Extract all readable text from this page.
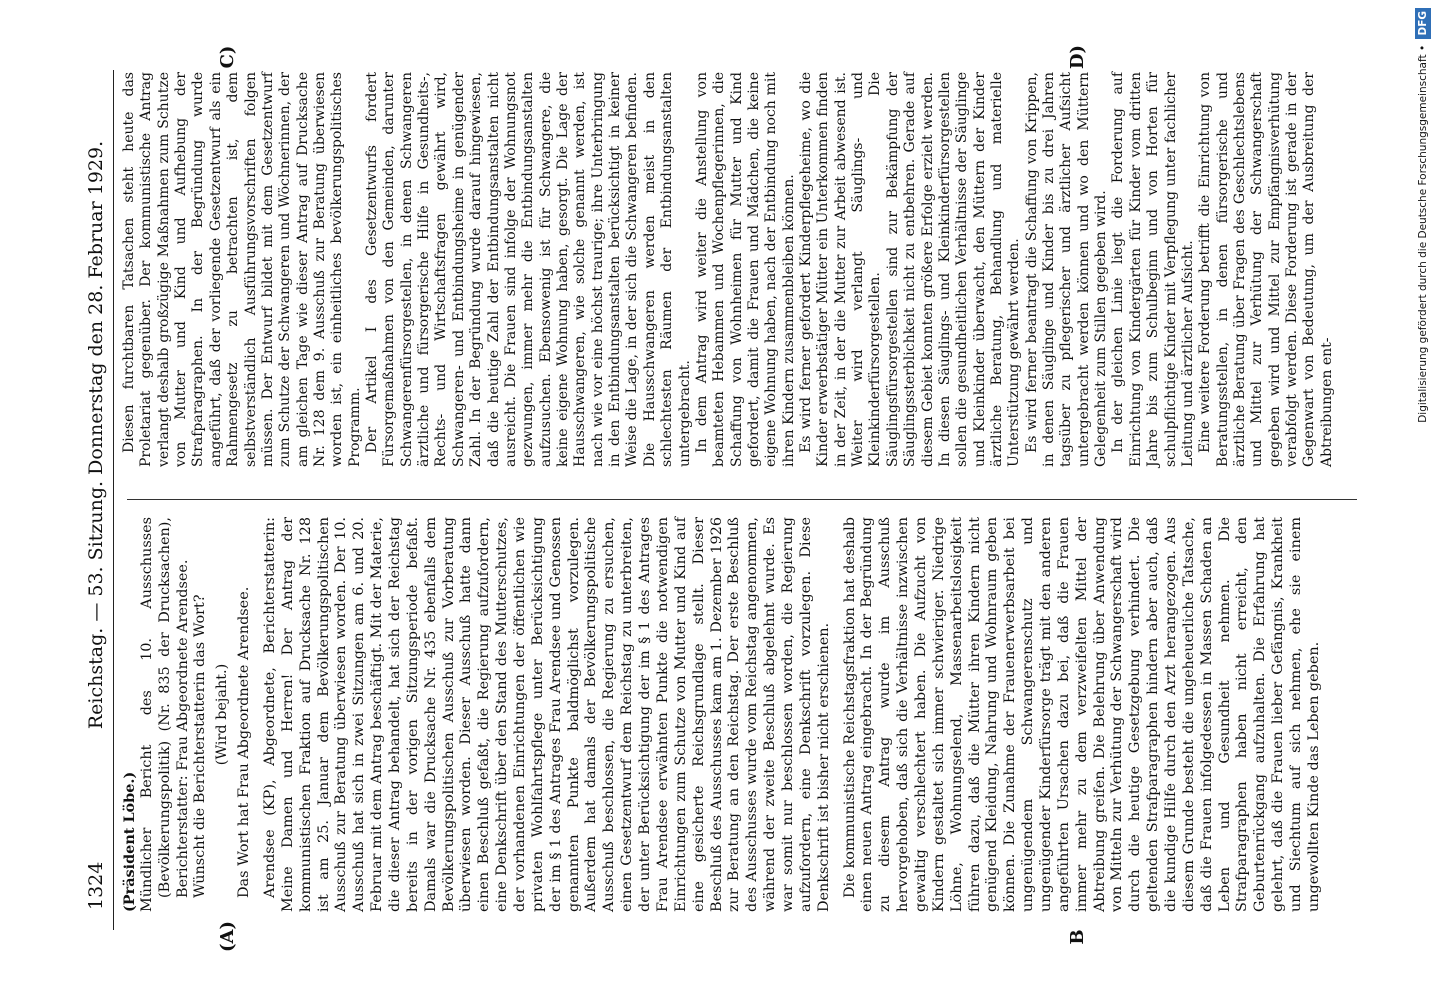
1324
Reichstag. — 53. Sitzung. Donnerstag den 28. Februar 1929.
(A)	B
C)	D)

(Präsident Löbe.) Mündlicher Bericht des 10. Ausschusses (Bevölkerungspolitik) (Nr. 835 der Drucksachen), Berichterstatter: Frau Abgeordnete Arendsee. Wünscht die Berichterstatterin das Wort? (Wird bejaht.) Das Wort hat Frau Abgeordnete Arendsee. Arendsee (KP), Abgeordnete, Berichterstatterin: Meine Damen und Herren! Der Antrag der kommunistischen Fraktion auf Drucksache Nr. 128 ist am 25. Januar dem Bevölkerungspolitischen Ausschuß zur Beratung überwiesen worden. Der 10. Ausschuß hat sich in zwei Sitzungen am 6. und 20. Februar mit dem Antrag beschäftigt. Mit der Materie, die dieser Antrag behandelt, hat sich der Reichstag bereits in der vorigen Sitzungsperiode befaßt. Damals war die Drucksache Nr. 435 ebenfalls dem Bevölkerungspolitischen Ausschuß zur Vorberatung überwiesen worden. Dieser Ausschuß hatte dann einen Beschluß gefaßt, die Regierung aufzufordern, eine Denkschrift über den Stand des Mutterschutzes, der vorhandenen Einrichtungen der öffentlichen wie privaten Wohlfahrtspflege unter Berücksichtigung der im § 1 des Antrages Frau Arendsee und Genossen genannten Punkte baldmöglichst vorzulegen. Außerdem hat damals der Bevölkerungspolitische Ausschuß beschlossen, die Regierung zu ersuchen, einen Gesetzentwurf dem Reichstag zu unterbreiten, der unter Berücksichtigung der im § 1 des Antrages Frau Arendsee erwähnten Punkte die notwendigen Einrichtungen zum Schutze von Mutter und Kind auf eine gesicherte Reichsgrundlage stellt. Dieser Beschluß des Ausschusses kam am 1. Dezember 1926 zur Beratung an den Reichstag. Der erste Beschluß des Ausschusses wurde vom Reichstag angenommen, während der zweite Beschluß abgelehnt wurde. Es war somit nur beschlossen worden, die Regierung aufzufordern, eine Denkschrift vorzulegen. Diese Denkschrift ist bisher nicht erschienen. Die kommunistische Reichstagsfraktion hat deshalb einen neuen Antrag eingebracht. In der Begründung zu diesem Antrag wurde im Ausschuß hervorgehoben, daß sich die Verhältnisse inzwischen gewaltig verschlechtert haben. Die Aufzucht von Kindern gestaltet sich immer schwieriger. Niedrige Löhne, Wohnungselend, Massenarbeitslosigkeit führen dazu, daß die Mütter ihren Kindern nicht genügend Kleidung, Nahrung und Wohnraum geben können. Die Zunahme der Frauenerwerbsarbeit bei ungenügendem Schwangerenschutz und ungenügender Kinderfürsorge trägt mit den anderen angeführten Ursachen dazu bei, daß die Frauen immer mehr zu dem verzweifelten Mittel der Abtreibung greifen. Die Belehrung über Anwendung von Mitteln zur Verhütung der Schwangerschaft wird durch die heutige Gesetzgebung verhindert. Die geltenden Strafparagraphen hindern aber auch, daß die kundige Hilfe durch den Arzt herangezogen. Aus diesem Grunde besteht die ungeheuerliche Tatsache, daß die Frauen infolgedessen in Massen Schaden an Leben und Gesundheit nehmen. Die Strafparagraphen haben nicht erreicht, den Geburtenrückgang aufzuhalten. Die Erfahrung hat gelehrt, daß die Frauen lieber Gefängnis, Krankheit und Siechtum auf sich nehmen, ehe sie einem ungewollten Kinde das Leben geben.

Diesen furchtbaren Tatsachen steht heute das Proletariat gegenüber. Der kommunistische Antrag verlangt deshalb großzügige Maßnahmen zum Schutze von Mutter und Kind und Aufhebung der Strafparagraphen. In der Begründung wurde angeführt, daß der vorliegende Gesetzentwurf als ein Rahmengesetz zu betrachten ist, dem selbstverständlich Ausführungsvorschriften folgen müssen. Der Entwurf bildet mit dem Gesetzentwurf zum Schutze der Schwangeren und Wöchnerinnen, der am gleichen Tage wie dieser Antrag auf Drucksache Nr. 128 dem 9. Ausschuß zur Beratung überwiesen worden ist, ein einheitliches bevölkerungspolitisches Programm. Der Artikel I des Gesetzentwurfs fordert Fürsorgemaßnahmen von den Gemeinden, darunter Schwangerenfürsorgestellen, in denen Schwangeren ärztliche und fürsorgerische Hilfe in Gesundheits-, Rechts- und Wirtschaftsfragen gewährt wird, Schwangeren- und Entbindungsheime in genügender Zahl. In der Begründung wurde darauf hingewiesen, daß die heutige Zahl der Entbindungsanstalten nicht ausreicht. Die Frauen sind infolge der Wohnungsnot gezwungen, immer mehr die Entbindungsanstalten aufzusuchen. Ebensowenig ist für Schwangere, die keine eigene Wohnung haben, gesorgt. Die Lage der Hausschwangeren, wie solche genannt werden, ist nach wie vor eine höchst traurige; ihre Unterbringung in den Entbindungsanstalten berücksichtigt in keiner Weise die Lage, in der sich die Schwangeren befinden. Die Hausschwangeren werden meist in den schlechtesten Räumen der Entbindungsanstalten untergebracht. In dem Antrag wird weiter die Anstellung von beamteten Hebammen und Wochenpflegerinnen, die Schaffung von Wohnheimen für Mutter und Kind gefordert, damit die Frauen und Mädchen, die keine eigene Wohnung haben, nach der Entbindung noch mit ihren Kindern zusammenbleiben können. Es wird ferner gefordert Kinderpflegeheime, wo die Kinder erwerbstätiger Mütter ein Unterkommen finden in der Zeit, in der die Mutter zur Arbeit abwesend ist. Weiter wird verlangt Säuglings- und Kleinkinderfürsorgestellen. Die Säuglingsfürsorgestellen sind zur Bekämpfung der Säuglingssterblichkeit nicht zu entbehren. Gerade auf diesem Gebiet konnten größere Erfolge erzielt werden. In diesen Säuglings- und Kleinkinderfürsorgestellen sollen die gesundheitlichen Verhältnisse der Säuglinge und Kleinkinder überwacht, den Müttern der Kinder ärztliche Beratung, Behandlung und materielle Unterstützung gewährt werden. Es wird ferner beantragt die Schaffung von Krippen, in denen Säuglinge und Kinder bis zu drei Jahren tagsüber zu pflegerischer und ärztlicher Aufsicht untergebracht werden können und wo den Müttern Gelegenheit zum Stillen gegeben wird. In der gleichen Linie liegt die Forderung auf Einrichtung von Kindergärten für Kinder vom dritten Jahre bis zum Schulbeginn und von Horten für schulpflichtige Kinder mit Verpflegung unter fachlicher Leitung und ärztlicher Aufsicht. Eine weitere Forderung betrifft die Einrichtung von Beratungsstellen, in denen fürsorgerische und ärztliche Beratung über Fragen des Geschlechtslebens und Mittel zur Verhütung der Schwangerschaft gegeben wird und Mittel zur Empfängnisverhütung verabfolgt werden. Diese Forderung ist gerade in der Gegenwart von Bedeutung, um der Ausbreitung der Abtreibungen ent-	Digitalisierung gefördert durch die Deutsche Forschungsgemeinschaft • DFG
